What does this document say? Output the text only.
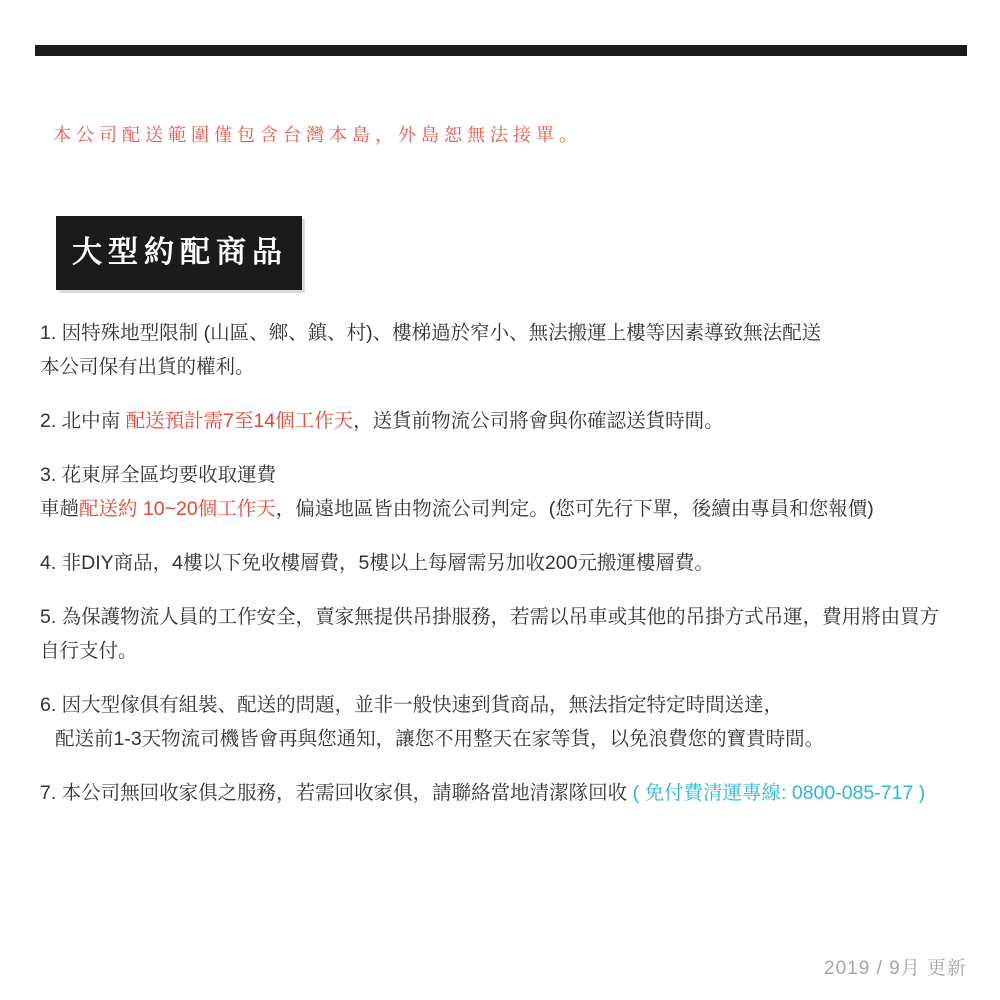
本公司配送範圍僅包含台灣本島，外島恕無法接單。
大型約配商品

1. 因特殊地型限制 (山區、鄉、鎮、村)、樓梯過於窄小、無法搬運上樓等因素導致無法配送
本公司保有出貨的權利。

2. 北中南 配送預計需7至14個工作天，送貨前物流公司將會與你確認送貨時間。

3. 花東屏全區均要收取運費
車趟配送約 10~20個工作天，偏遠地區皆由物流公司判定。(您可先行下單，後續由專員和您報價)

4. 非DIY商品，4樓以下免收樓層費，5樓以上每層需另加收200元搬運樓層費。

5. 為保護物流人員的工作安全，賣家無提供吊掛服務，若需以吊車或其他的吊掛方式吊運，費用將由買方
自行支付。

6. 因大型傢俱有組裝、配送的問題，並非一般快速到貨商品，無法指定特定時間送達，
配送前1-3天物流司機皆會再與您通知，讓您不用整天在家等貨，以免浪費您的寶貴時間。

7. 本公司無回收家俱之服務，若需回收家俱，請聯絡當地清潔隊回收 ( 免付費清運專線: 0800-085-717 )

2019 / 9月 更新
